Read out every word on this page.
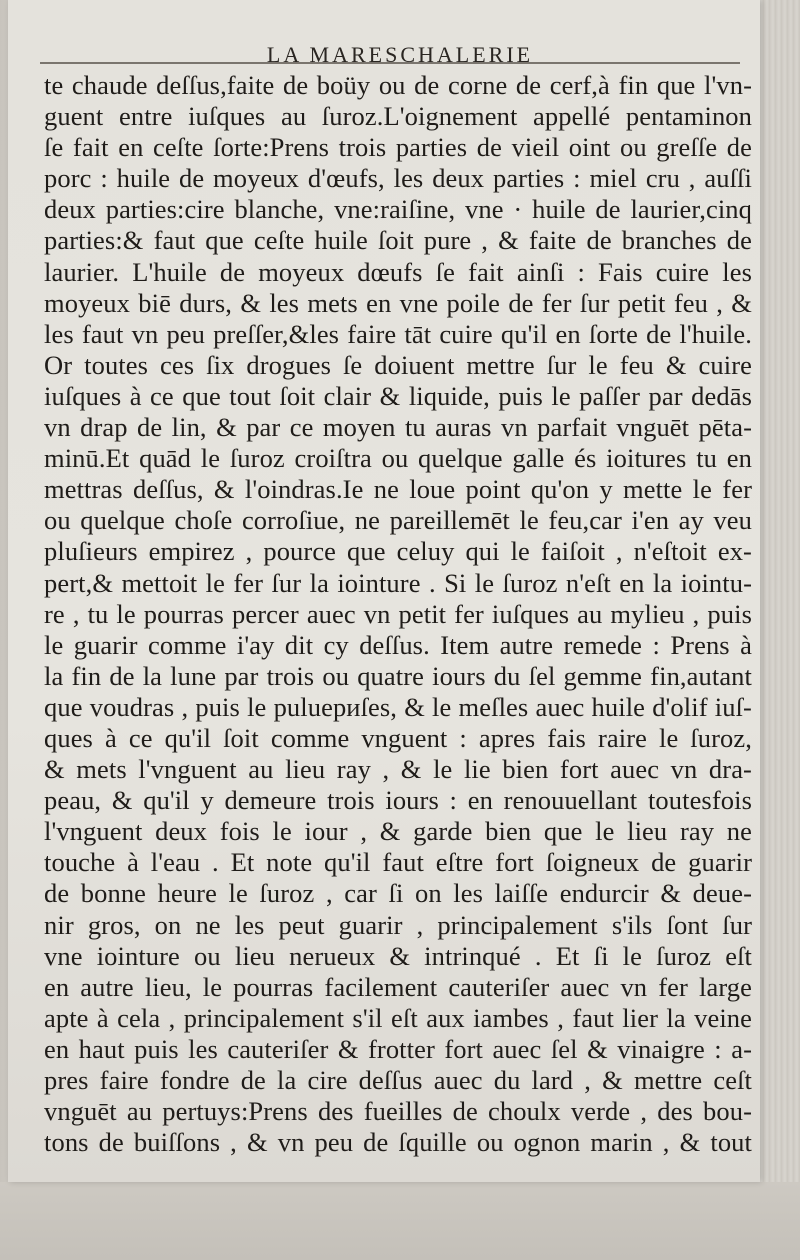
LA MARESCHALERIE
te chaude deſſus,faite de boüy ou de corne de cerf,à fin que l'vn-
guent entre iuſques au ſuroz.L'oignement appellé pentaminon
ſe fait en ceſte ſorte:Prens trois parties de vieil oint ou greſſe de
porc : huile de moyeux d'œufs, les deux parties : miel cru , auſſi
deux parties:cire blanche, vne:raiſine, vne · huile de laurier,cinq
parties:& faut que ceſte huile ſoit pure , & faite de branches de
laurier. L'huile de moyeux dœufs ſe fait ainſi : Fais cuire les
moyeux biē durs, & les mets en vne poile de fer ſur petit feu , &
les faut vn peu preſſer,&les faire tāt cuire qu'il en ſorte de l'huile.
Or toutes ces ſix drogues ſe doiuent mettre ſur le feu & cuire
iuſques à ce que tout ſoit clair & liquide, puis le paſſer par dedās
vn drap de lin, & par ce moyen tu auras vn parfait vnguēt pēta-
minū.Et quād le ſuroz croiſtra ou quelque galle és ioitures tu en
mettras deſſus, & l'oindras.Ie ne loue point qu'on y mette le fer
ou quelque choſe corroſiue, ne pareillemēt le feu,car i'en ay veu
pluſieurs empirez , pource que celuy qui le faiſoit , n'eſtoit ex-
pert,& mettoit le fer ſur la iointure . Si le ſuroz n'eſt en la iointu-
re , tu le pourras percer auec vn petit fer iuſques au mylieu , puis
le guarir comme i'ay dit cy deſſus. Item autre remede : Prens à
la fin de la lune par trois ou quatre iours du ſel gemme fin,autant
que voudras , puis le puluериſes, & le meſles auec huile d'olif iuſ-
ques à ce qu'il ſoit comme vnguent : apres fais raire le ſuroz,
& mets l'vnguent au lieu ray , & le lie bien fort auec vn dra-
peau, & qu'il y demeure trois iours : en renouuellant toutesfois
l'vnguent deux fois le iour , & garde bien que le lieu ray ne
touche à l'eau . Et note qu'il faut eſtre fort ſoigneux de guarir
de bonne heure le ſuroz , car ſi on les laiſſe endurcir & deue-
nir gros, on ne les peut guarir , principalement s'ils ſont ſur
vne iointure ou lieu nerueux & intrinqué . Et ſi le ſuroz eſt
en autre lieu, le pourras facilement cauteriſer auec vn fer large
apte à cela , principalement s'il eſt aux iambes , faut lier la veine
en haut puis les cauteriſer & frotter fort auec ſel & vinaigre : a-
pres faire fondre de la cire deſſus auec du lard , & mettre ceſt
vnguēt au pertuys:Prens des fueilles de choulx verde , des bou-
tons de buiſſons , & vn peu de ſquille ou ognon marin , & tout
